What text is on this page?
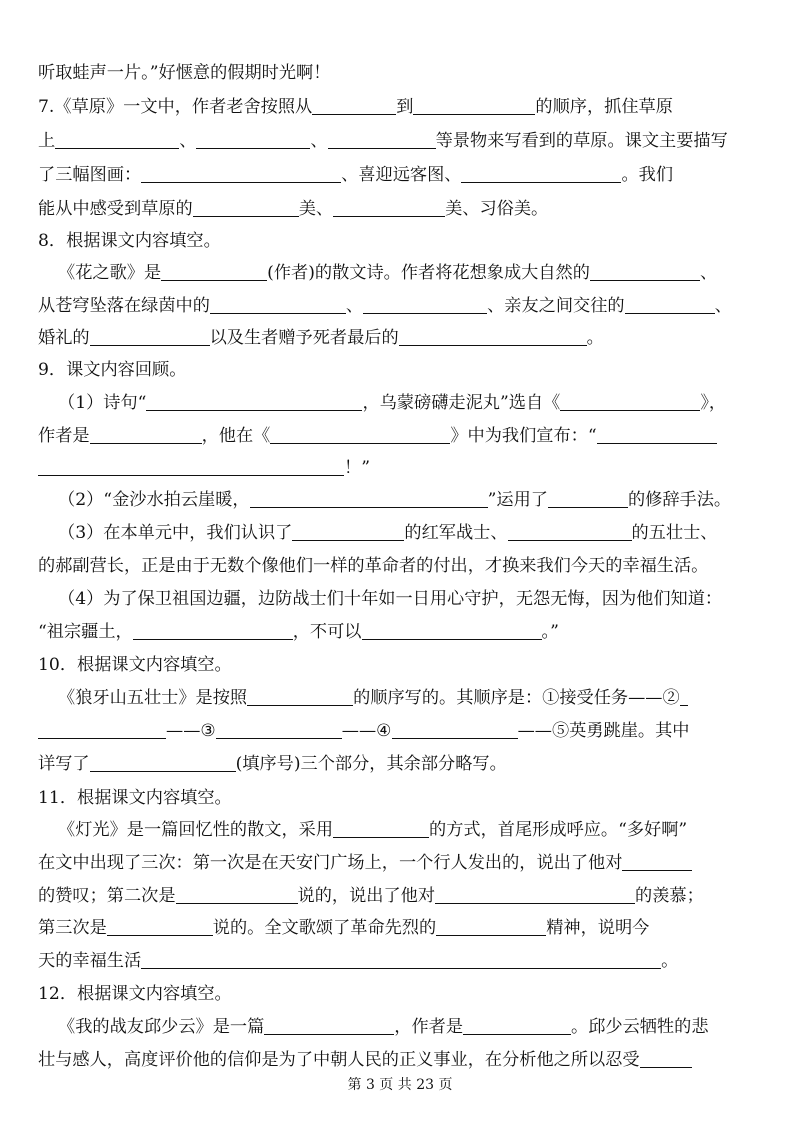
听取蛙声一片。”好惬意的假期时光啊！
7.《草原》一文中，作者老舍按照从	到	的顺序，抓住草原
上	、	、	等景物来写看到的草原。课文主要描写
了三幅图画：	、喜迎远客图、	。我们
能从中感受到草原的	美、	美、习俗美。
8．根据课文内容填空。
《花之歌》是	(作者)的散文诗。作者将花想象成大自然的	、
从苍穹坠落在绿茵中的	、	、亲友之间交往的	、
婚礼的	以及生者赠予死者最后的	。
9．课文内容回顾。
（1）诗句“	，乌蒙磅礴走泥丸”选自《	》，
作者是	，他在《	》中为我们宣布：“
！”
（2）“金沙水拍云崖暖，	”运用了	的修辞手法。
（3）在本单元中，我们认识了	的红军战士、	的五壮士、
的郝副营长，正是由于无数个像他们一样的革命者的付出，才换来我们今天的幸福生活。
（4）为了保卫祖国边疆，边防战士们十年如一日用心守护，无怨无悔，因为他们知道：
“祖宗疆土，	，不可以	。”
10．根据课文内容填空。
《狼牙山五壮士》是按照	的顺序写的。其顺序是：①接受任务——②
——③	——④	——⑤英勇跳崖。其中
详写了	(填序号)三个部分，其余部分略写。
11．根据课文内容填空。
《灯光》是一篇回忆性的散文，采用	的方式，首尾形成呼应。“多好啊”
在文中出现了三次：第一次是在天安门广场上，一个行人发出的，说出了他对
的赞叹；第二次是	说的，说出了他对	的羡慕；
第三次是	说的。全文歌颂了革命先烈的	精神，说明今
天的幸福生活	。
12．根据课文内容填空。
《我的战友邱少云》是一篇	，作者是	。邱少云牺牲的悲
壮与感人，高度评价他的信仰是为了中朝人民的正义事业，在分析他之所以忍受
第 3 页 共 23 页
